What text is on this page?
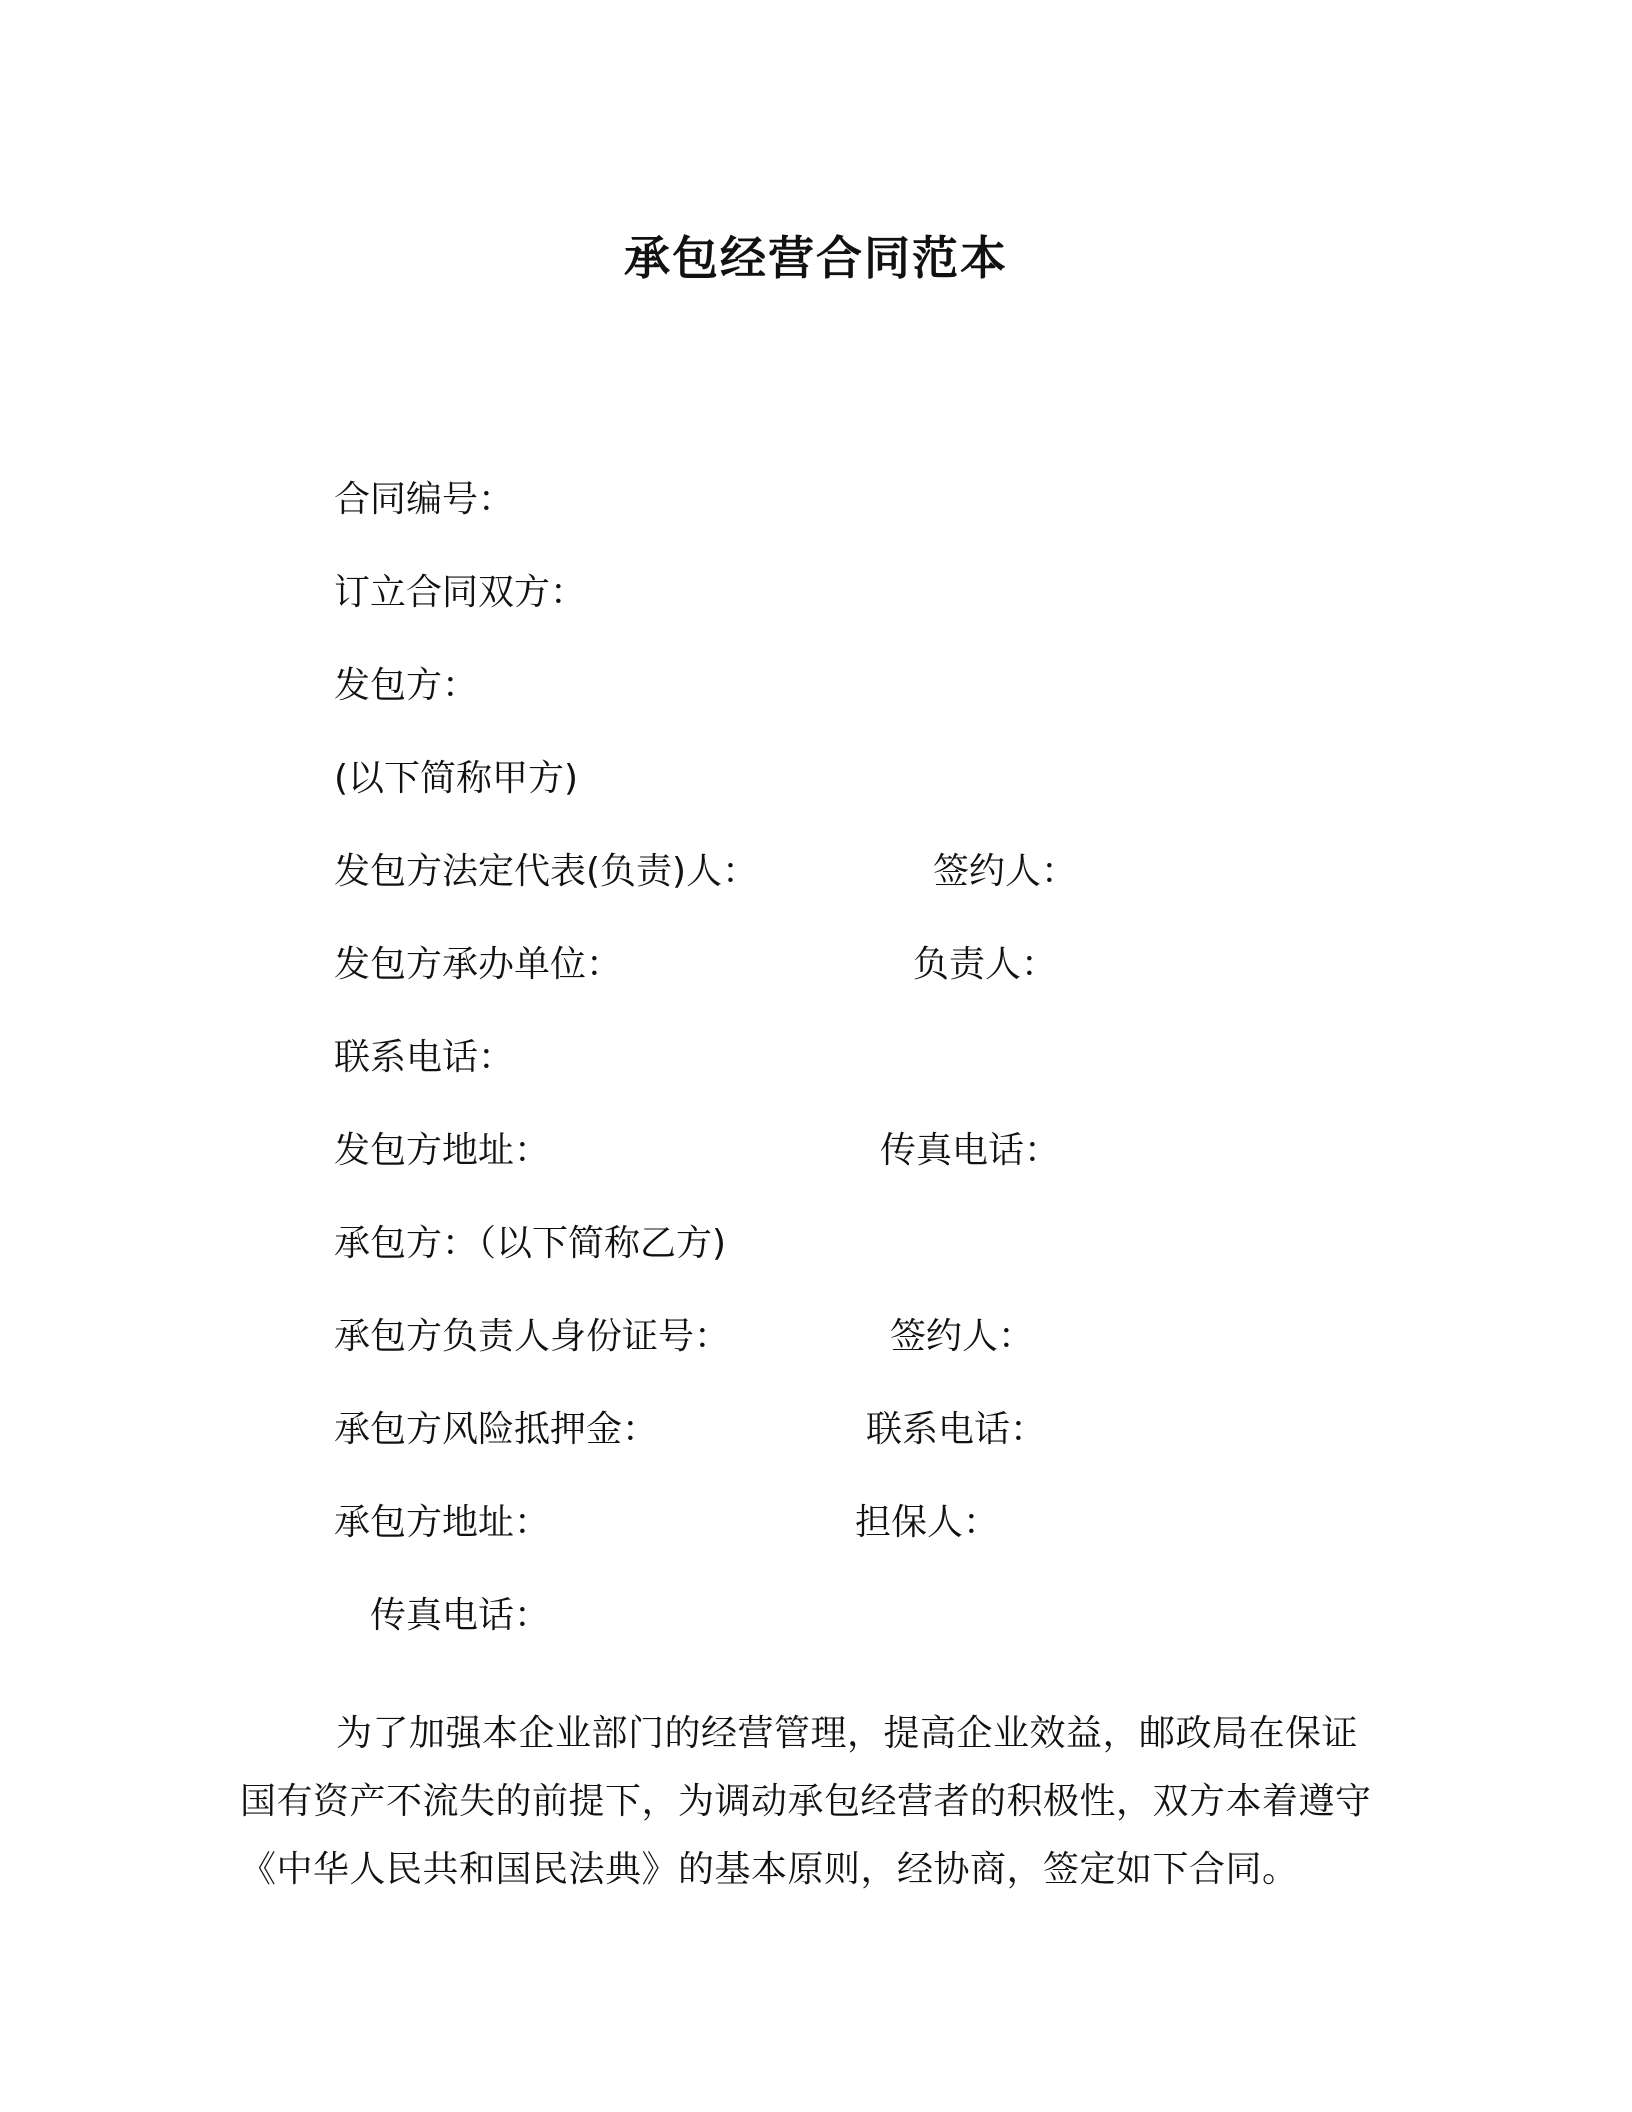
承包经营合同范本
合同编号：
订立合同双方：
发包方：
(以下简称甲方)
发包方法定代表(负责)人：	签约人：
发包方承办单位：	负责人：
联系电话：
发包方地址：	传真电话：
承包方：（以下简称乙方)
承包方负责人身份证号：	签约人：
承包方风险抵押金：	联系电话：
承包方地址：	担保人：
传真电话：
为了加强本企业部门的经营管理，提高企业效益，邮政局在保证国有资产不流失的前提下，为调动承包经营者的积极性，双方本着遵守《中华人民共和国民法典》的基本原则，经协商，签定如下合同。
